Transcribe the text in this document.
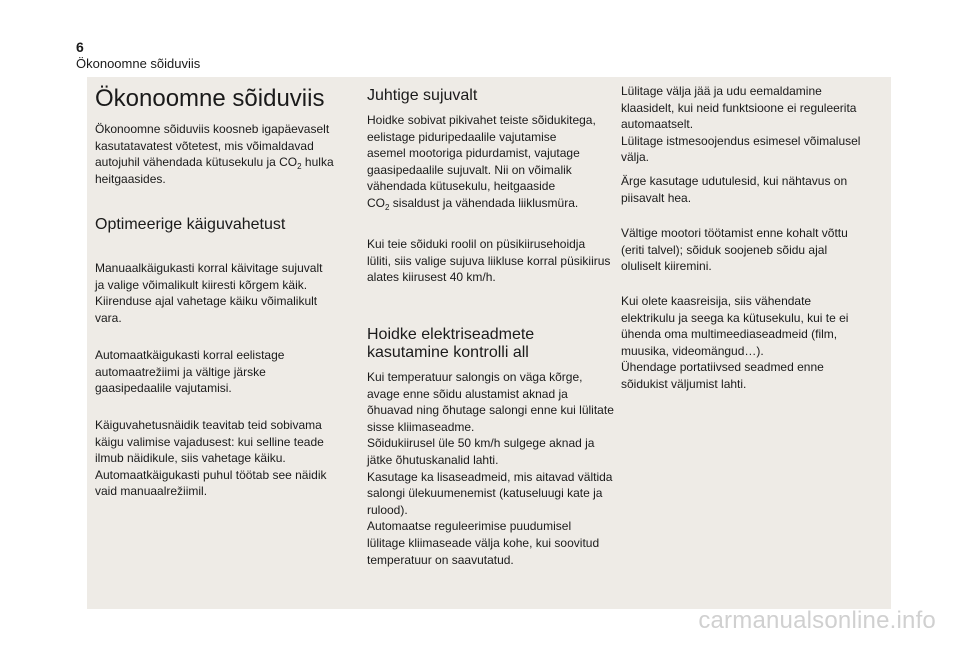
6
Ökonoomne sõiduviis
Ökonoomne sõiduviis

Ökonoomne sõiduviis koosneb igapäevaselt kasutatavatest võtetest, mis võimaldavad autojuhil vähendada kütusekulu ja $CO_2$ hulka heitgaasides.

Optimeerige käiguvahetust

Manuaalkäigukasti korral käivitage sujuvalt
ja valige võimalikult kiiresti kõrgem käik.
Kiirenduse ajal vahetage käiku võimalikult
vara.

Automaatkäigukasti korral eelistage
automaatrežiimi ja vältige järske
gaasipedaalile vajutamisi.

Käiguvahetusnäidik teavitab teid sobivama
käigu valimise vajadusest: kui selline teade
ilmub näidikule, siis vahetage käiku.
Automaatkäigukasti puhul töötab see näidik
vaid manuaalrežiimil.

Juhtige sujuvalt

Hoidke sobivat pikivahet teiste sõidukitega,
eelistage piduripedaalile vajutamise
asemel mootoriga pidurdamist, vajutage
gaasipedaalile sujuvalt. Nii on võimalik
vähendada kütusekulu, heitgaaside
$CO_2$ sisaldust ja vähendada liiklusmüra.

Kui teie sõiduki roolil on püsikiirusehoidja
lüliti, siis valige sujuva liikluse korral püsikiirus
alates kiirusest 40 km/h.

Hoidke elektriseadmete
kasutamine kontrolli all

Kui temperatuur salongis on väga kõrge,
avage enne sõidu alustamist aknad ja
õhuavad ning õhutage salongi enne kui lülitate
sisse kliimaseadme.
Sõidukiirusel üle 50 km/h sulgege aknad ja
jätke õhutuskanalid lahti.
Kasutage ka lisaseadmeid, mis aitavad vältida
salongi ülekuumenemist (katuseluugi kate ja
rulood).
Automaatse reguleerimise puudumisel
lülitage kliimaseade välja kohe, kui soovitud
temperatuur on saavutatud.

Lülitage välja jää ja udu eemaldamine
klaasidelt, kui neid funktsioone ei reguleerita
automaatselt.
Lülitage istmesoojendus esimesel võimalusel
välja.

Ärge kasutage udutulesid, kui nähtavus on
piisavalt hea.

Vältige mootori töötamist enne kohalt võttu
(eriti talvel); sõiduk soojeneb sõidu ajal
oluliselt kiiremini.

Kui olete kaasreisija, siis vähendate
elektrikulu ja seega ka kütusekulu, kui te ei
ühenda oma multimeediaseadmeid (film,
muusika, videomängud…).
Ühendage portatiivsed seadmed enne
sõidukist väljumist lahti.

carmanualsonline.info
